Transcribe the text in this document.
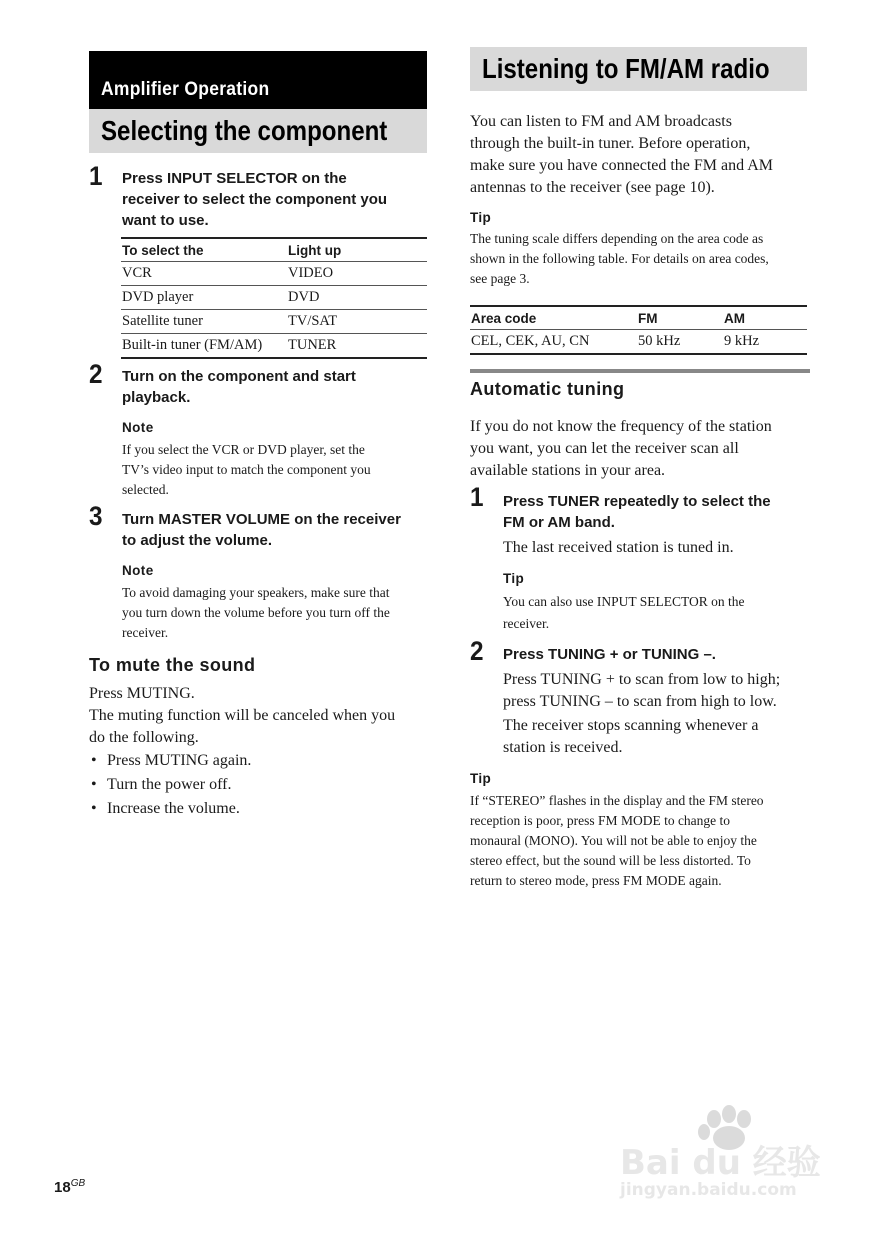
Amplifier Operation
Selecting the component
1 Press INPUT SELECTOR on the
receiver to select the component you
want to use.
To select the	Light up
VCR	VIDEO
DVD player	DVD
Satellite tuner	TV/SAT
Built-in tuner (FM/AM)	TUNER
2 Turn on the component and start
playback.
Note
If you select the VCR or DVD player, set the
TV’s video input to match the component you
selected.
3 Turn MASTER VOLUME on the receiver
to adjust the volume.
Note
To avoid damaging your speakers, make sure that
you turn down the volume before you turn off the
receiver.
To mute the sound
Press MUTING.
The muting function will be canceled when you
do the following.
• Press MUTING again.
• Turn the power off.
• Increase the volume.
Listening to FM/AM radio
You can listen to FM and AM broadcasts
through the built-in tuner. Before operation,
make sure you have connected the FM and AM
antennas to the receiver (see page 10).
Tip
The tuning scale differs depending on the area code as
shown in the following table. For details on area codes,
see page 3.
Area code	FM	AM
CEL, CEK, AU, CN	50 kHz	9 kHz
Automatic tuning
If you do not know the frequency of the station
you want, you can let the receiver scan all
available stations in your area.
1 Press TUNER repeatedly to select the
FM or AM band.
The last received station is tuned in.
Tip
You can also use INPUT SELECTOR on the
receiver.
2 Press TUNING + or TUNING –.
Press TUNING + to scan from low to high;
press TUNING – to scan from high to low.
The receiver stops scanning whenever a
station is received.
Tip
If “STEREO” flashes in the display and the FM stereo
reception is poor, press FM MODE to change to
monaural (MONO). You will not be able to enjoy the
stereo effect, but the sound will be less distorted. To
return to stereo mode, press FM MODE again.
$18^{GB}$
Bai du 经验
jingyan.baidu.com
